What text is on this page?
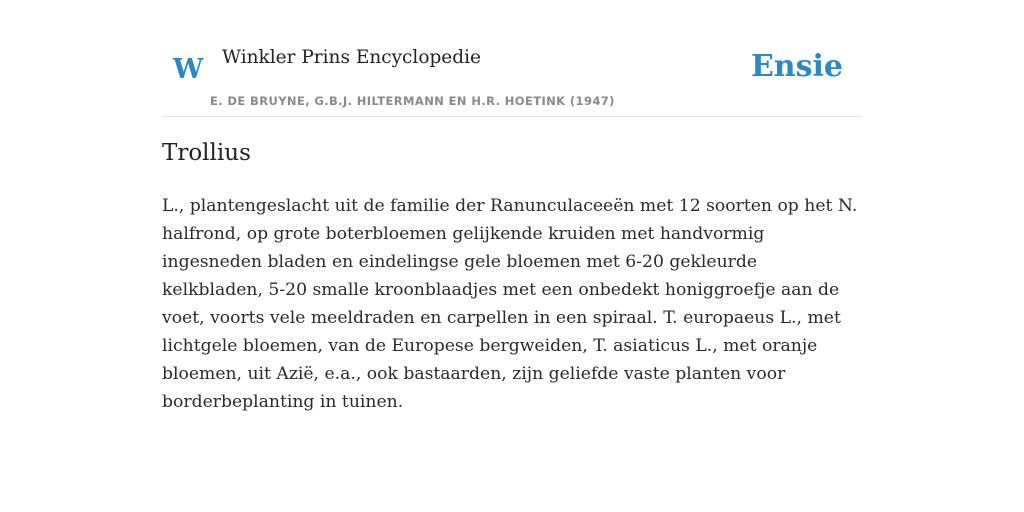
W Winkler Prins Encyclopedie
E. DE BRUYNE, G.B.J. HILTERMANN EN H.R. HOETINK (1947)
Ensie
Trollius

L., plantengeslacht uit de familie der Ranunculaceeën met 12 soorten op het N. halfrond, op grote boterbloemen gelijkende kruiden met handvormig ingesneden bladen en eindelingse gele bloemen met 6-20 gekleurde kelkbladen, 5-20 smalle kroonblaadjes met een onbedekt honiggroefje aan de voet, voorts vele meeldraden en carpellen in een spiraal. T. europaeus L., met lichtgele bloemen, van de Europese bergweiden, T. asiaticus L., met oranje bloemen, uit Azië, e.a., ook bastaarden, zijn geliefde vaste planten voor borderbeplanting in tuinen.
